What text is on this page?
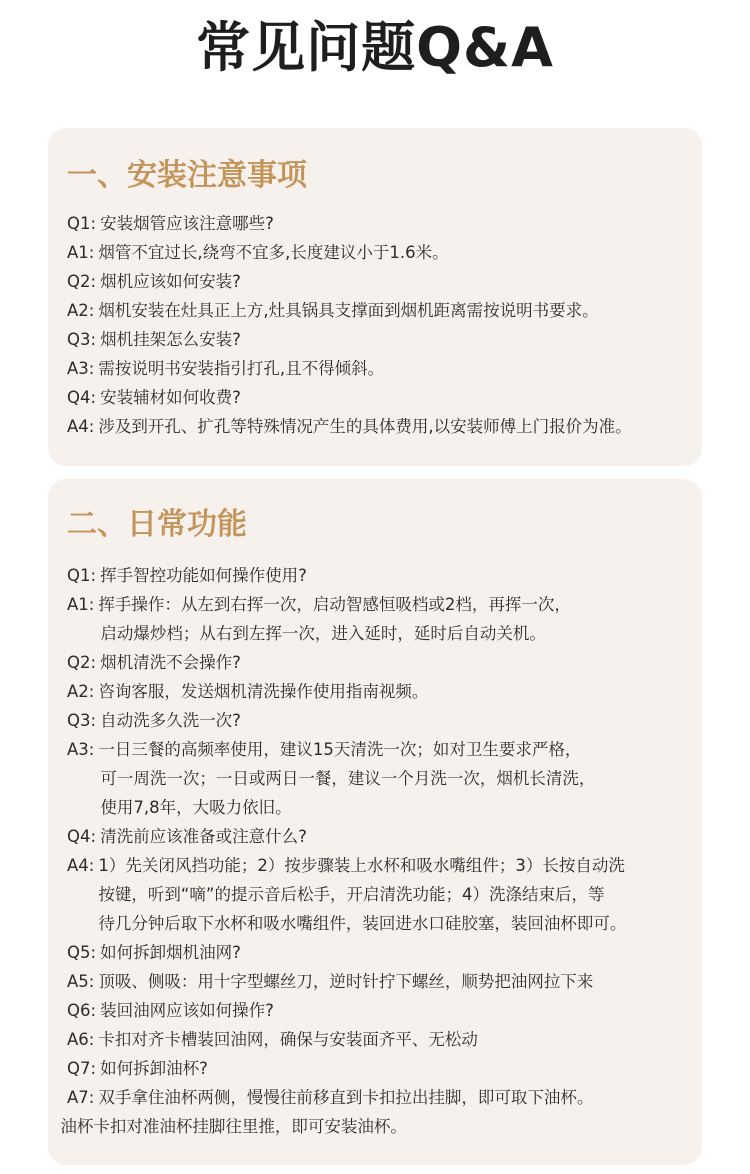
常见问题Q&A
一、安装注意事项
Q1 : 安装烟管应该注意哪些?
A1 : 烟管不宜过长,绕弯不宜多,长度建议小于1.6米。
Q2 : 烟机应该如何安装?
A2 : 烟机安装在灶具正上方,灶具锅具支撑面到烟机距离需按说明书要求。
Q3 : 烟机挂架怎么安装?
A3 : 需按说明书安装指引打孔,且不得倾斜。
Q4 : 安装辅材如何收费?
A4 : 涉及到开孔、扩孔等特殊情况产生的具体费用,以安装师傅上门报价为准。
二、日常功能
Q1 : 挥手智控功能如何操作使用?
A1 : 挥手操作：从左到右挥一次，启动智感恒吸档或2档，再挥一次，
启动爆炒档；从右到左挥一次，进入延时，延时后自动关机。
Q2 : 烟机清洗不会操作?
A2 : 咨询客服，发送烟机清洗操作使用指南视频。
Q3 : 自动洗多久洗一次?
A3 : 一日三餐的高频率使用，建议15天清洗一次；如对卫生要求严格，
可一周洗一次；一日或两日一餐，建议一个月洗一次，烟机长清洗，
使用7,8年，大吸力依旧。
Q4 : 清洗前应该准备或注意什么?
A4 : 1）先关闭风挡功能；2）按步骤装上水杯和吸水嘴组件；3）长按自动洗
按键，听到“嘀”的提示音后松手，开启清洗功能；4）洗涤结束后，等
待几分钟后取下水杯和吸水嘴组件，装回进水口硅胶塞，装回油杯即可。
Q5 : 如何拆卸烟机油网?
A5 : 顶吸、侧吸：用十字型螺丝刀，逆时针拧下螺丝，顺势把油网拉下来
Q6 : 装回油网应该如何操作?
A6 : 卡扣对齐卡槽装回油网，确保与安装面齐平、无松动
Q7 : 如何拆卸油杯?
A7 : 双手拿住油杯两侧，慢慢往前移直到卡扣拉出挂脚，即可取下油杯。
油杯卡扣对准油杯挂脚往里推，即可安装油杯。
